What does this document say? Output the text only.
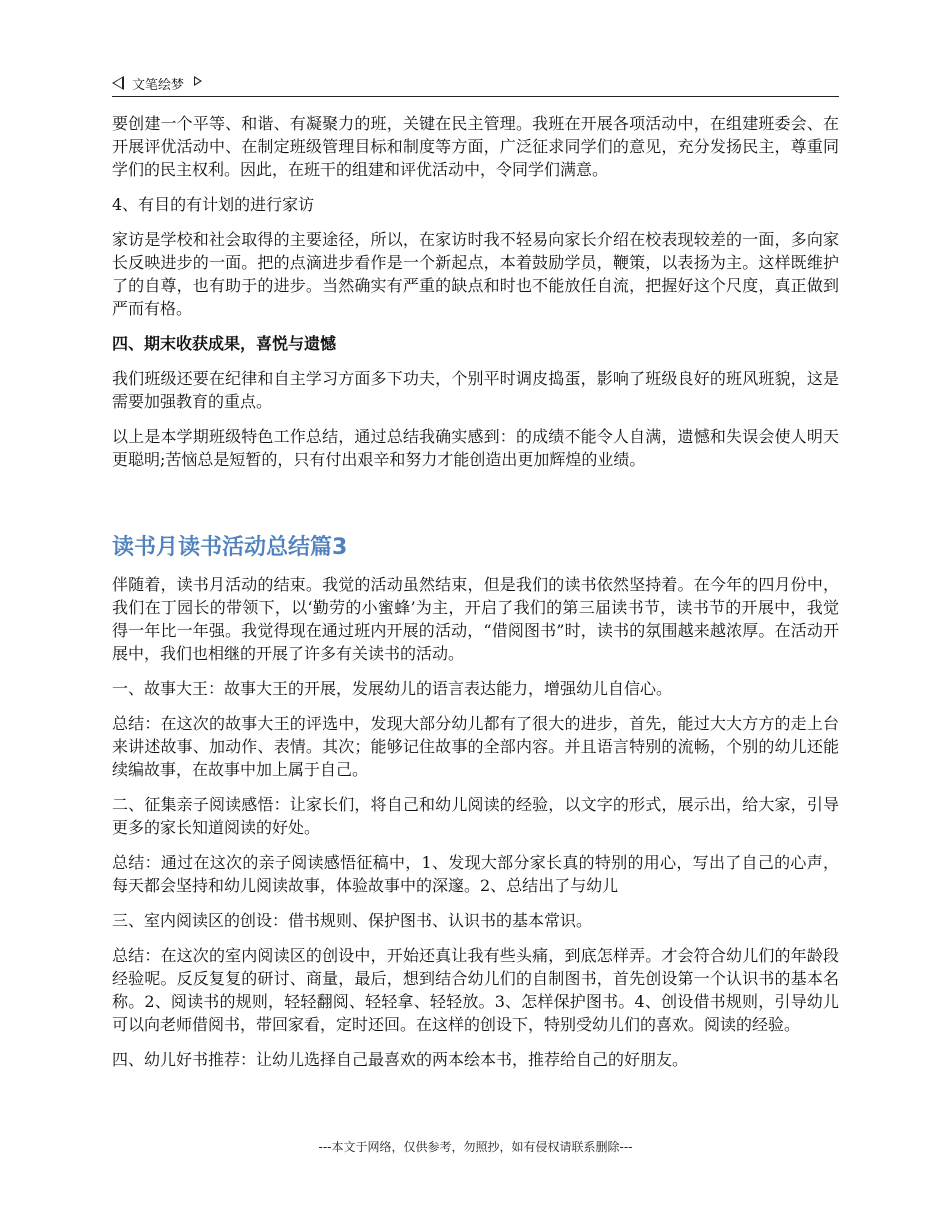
文笔绘梦

要创建一个平等、和谐、有凝聚力的班，关键在民主管理。我班在开展各项活动中，在组建班委会、在开展评优活动中、在制定班级管理目标和制度等方面，广泛征求同学们的意见，充分发扬民主，尊重同学们的民主权利。因此，在班干的组建和评优活动中，令同学们满意。

4、有目的有计划的进行家访

家访是学校和社会取得的主要途径，所以，在家访时我不轻易向家长介绍在校表现较差的一面，多向家长反映进步的一面。把的点滴进步看作是一个新起点，本着鼓励学员，鞭策，以表扬为主。这样既维护了的自尊，也有助于的进步。当然确实有严重的缺点和时也不能放任自流，把握好这个尺度，真正做到严而有格。

四、期末收获成果，喜悦与遗憾

我们班级还要在纪律和自主学习方面多下功夫，个别平时调皮捣蛋，影响了班级良好的班风班貌，这是需要加强教育的重点。

以上是本学期班级特色工作总结，通过总结我确实感到：的成绩不能令人自满，遗憾和失误会使人明天更聪明;苦恼总是短暂的，只有付出艰辛和努力才能创造出更加辉煌的业绩。

读书月读书活动总结篇3

伴随着，读书月活动的结束。我觉的活动虽然结束，但是我们的读书依然坚持着。在今年的四月份中，我们在丁园长的带领下，以‘勤劳的小蜜蜂’为主，开启了我们的第三届读书节，读书节的开展中，我觉得一年比一年强。我觉得现在通过班内开展的活动，“借阅图书”时，读书的氛围越来越浓厚。在活动开展中，我们也相继的开展了许多有关读书的活动。

一、故事大王：故事大王的开展，发展幼儿的语言表达能力，增强幼儿自信心。

总结：在这次的故事大王的评选中，发现大部分幼儿都有了很大的进步，首先，能过大大方方的走上台来讲述故事、加动作、表情。其次；能够记住故事的全部内容。并且语言特别的流畅，个别的幼儿还能续编故事，在故事中加上属于自己。

二、征集亲子阅读感悟：让家长们，将自己和幼儿阅读的经验，以文字的形式，展示出，给大家，引导更多的家长知道阅读的好处。

总结：通过在这次的亲子阅读感悟征稿中，1、发现大部分家长真的特别的用心，写出了自己的心声，每天都会坚持和幼儿阅读故事，体验故事中的深邃。2、总结出了与幼儿

三、室内阅读区的创设：借书规则、保护图书、认识书的基本常识。

总结：在这次的室内阅读区的创设中，开始还真让我有些头痛，到底怎样弄。才会符合幼儿们的年龄段经验呢。反反复复的研讨、商量，最后，想到结合幼儿们的自制图书，首先创设第一个认识书的基本名称。2、阅读书的规则，轻轻翻阅、轻轻拿、轻轻放。3、怎样保护图书。4、创设借书规则，引导幼儿可以向老师借阅书，带回家看，定时还回。在这样的创设下，特别受幼儿们的喜欢。阅读的经验。

四、幼儿好书推荐：让幼儿选择自己最喜欢的两本绘本书，推荐给自己的好朋友。

---本文于网络，仅供参考，勿照抄，如有侵权请联系删除---
